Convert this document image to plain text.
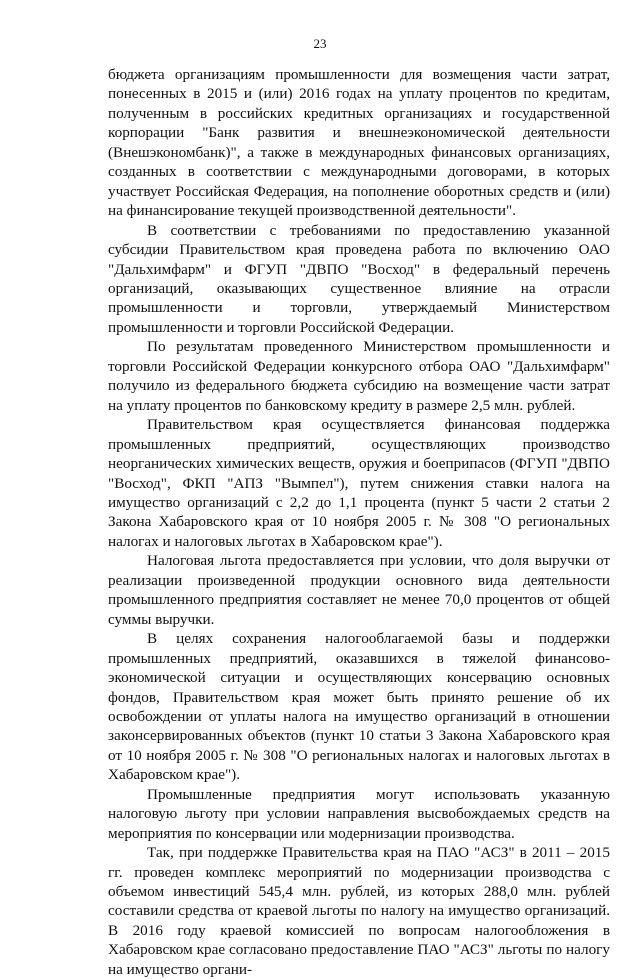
23

бюджета организациям промышленности для возмещения части затрат, понесенных в 2015 и (или) 2016 годах на уплату процентов по кредитам, полученным в российских кредитных организациях и государственной корпорации "Банк развития и внешнеэкономической деятельности (Внешэкономбанк)", а также в международных финансовых организациях, созданных в соответствии с международными договорами, в которых участвует Российская Федерация, на пополнение оборотных средств и (или) на финансирование текущей производственной деятельности".

В соответствии с требованиями по предоставлению указанной субсидии Правительством края проведена работа по включению ОАО "Дальхимфарм" и ФГУП "ДВПО "Восход" в федеральный перечень организаций, оказывающих существенное влияние на отрасли промышленности и торговли, утверждаемый Министерством промышленности и торговли Российской Федерации.

По результатам проведенного Министерством промышленности и торговли Российской Федерации конкурсного отбора ОАО "Дальхимфарм" получило из федерального бюджета субсидию на возмещение части затрат на уплату процентов по банковскому кредиту в размере 2,5 млн. рублей.

Правительством края осуществляется финансовая поддержка промышленных предприятий, осуществляющих производство неорганических химических веществ, оружия и боеприпасов (ФГУП "ДВПО "Восход", ФКП "АПЗ "Вымпел"), путем снижения ставки налога на имущество организаций с 2,2 до 1,1 процента (пункт 5 части 2 статьи 2 Закона Хабаровского края от 10 ноября 2005 г. № 308 "О региональных налогах и налоговых льготах в Хабаровском крае").

Налоговая льгота предоставляется при условии, что доля выручки от реализации произведенной продукции основного вида деятельности промышленного предприятия составляет не менее 70,0 процентов от общей суммы выручки.

В целях сохранения налогооблагаемой базы и поддержки промышленных предприятий, оказавшихся в тяжелой финансово-экономической ситуации и осуществляющих консервацию основных фондов, Правительством края может быть принято решение об их освобождении от уплаты налога на имущество организаций в отношении законсервированных объектов (пункт 10 статьи 3 Закона Хабаровского края от 10 ноября 2005 г. № 308 "О региональных налогах и налоговых льготах в Хабаровском крае").

Промышленные предприятия могут использовать указанную налоговую льготу при условии направления высвобождаемых средств на мероприятия по консервации или модернизации производства.

Так, при поддержке Правительства края на ПАО "АСЗ" в 2011 – 2015 гг. проведен комплекс мероприятий по модернизации производства с объемом инвестиций 545,4 млн. рублей, из которых 288,0 млн. рублей составили средства от краевой льготы по налогу на имущество организаций. В 2016 году краевой комиссией по вопросам налогообложения в Хабаровском крае согласовано предоставление ПАО "АСЗ" льготы по налогу на имущество органи-
